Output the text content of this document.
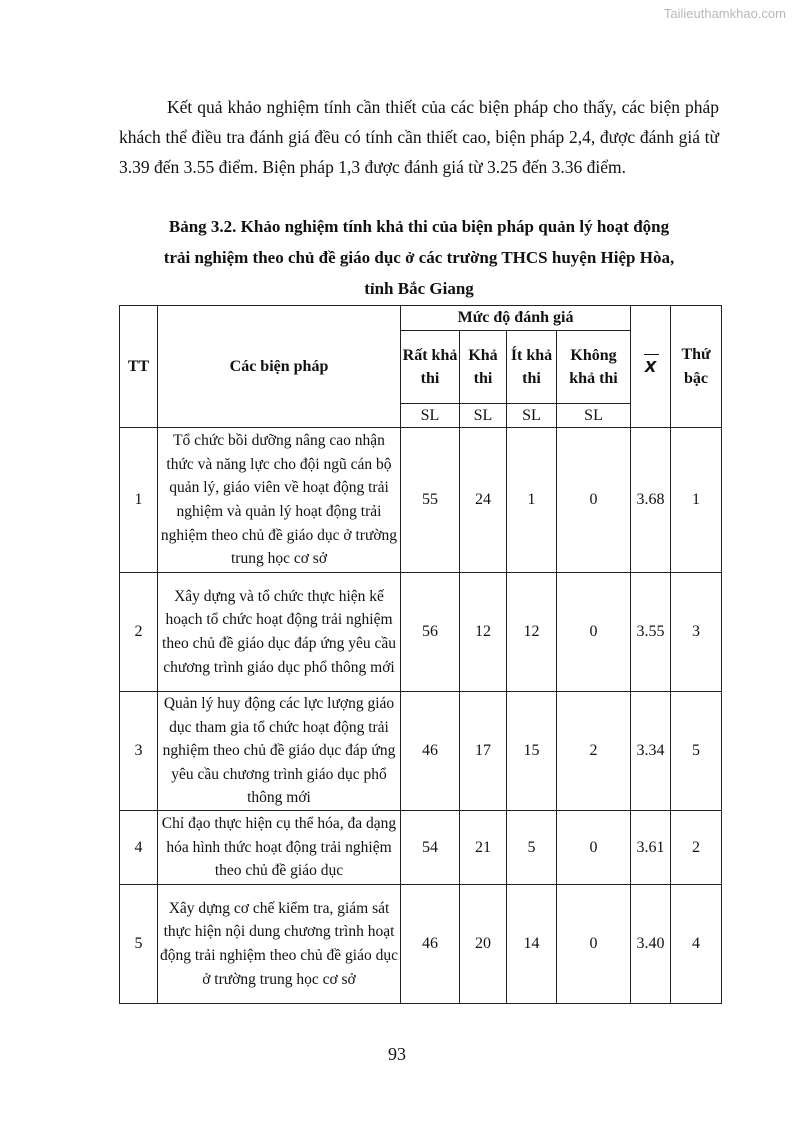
Tailieuthamkhao.com

Kết quả khảo nghiệm tính cần thiết của các biện pháp cho thấy, các biện pháp khách thể điều tra đánh giá đều có tính cần thiết cao, biện pháp 2,4, được đánh giá từ 3.39 đến 3.55 điểm. Biện pháp 1,3 được đánh giá từ 3.25 đến 3.36 điểm.

Bảng 3.2. Khảo nghiệm tính khả thi của biện pháp quản lý hoạt động
trải nghiệm theo chủ đề giáo dục ở các trường THCS huyện Hiệp Hòa,
tỉnh Bắc Giang
TT	Các biện pháp	Mức độ đánh giá				X	Thứ bậc
		Rất khả thi	Khả thi	Ít khả thi	Không khả thi		
		SL	SL	SL	SL		
1	Tổ chức bồi dưỡng nâng cao nhận thức và năng lực cho đội ngũ cán bộ quản lý, giáo viên về hoạt động trải nghiệm và quản lý hoạt động trải nghiệm theo chủ đề giáo dục ở trường trung học cơ sở	55	24	1	0	3.68	1
2	Xây dựng và tổ chức thực hiện kế hoạch tổ chức hoạt động trải nghiệm theo chủ đề giáo dục đáp ứng yêu cầu chương trình giáo dục phổ thông mới	56	12	12	0	3.55	3
3	Quản lý huy động các lực lượng giáo dục tham gia tổ chức hoạt động trải nghiệm theo chủ đề giáo dục đáp ứng yêu cầu chương trình giáo dục phổ thông mới	46	17	15	2	3.34	5
4	Chỉ đạo thực hiện cụ thể hóa, đa dạng hóa hình thức hoạt động trải nghiệm theo chủ đề giáo dục	54	21	5	0	3.61	2
5	Xây dựng cơ chế kiểm tra, giám sát thực hiện nội dung chương trình hoạt động trải nghiệm theo chủ đề giáo dục ở trường trung học cơ sở	46	20	14	0	3.40	4
93
